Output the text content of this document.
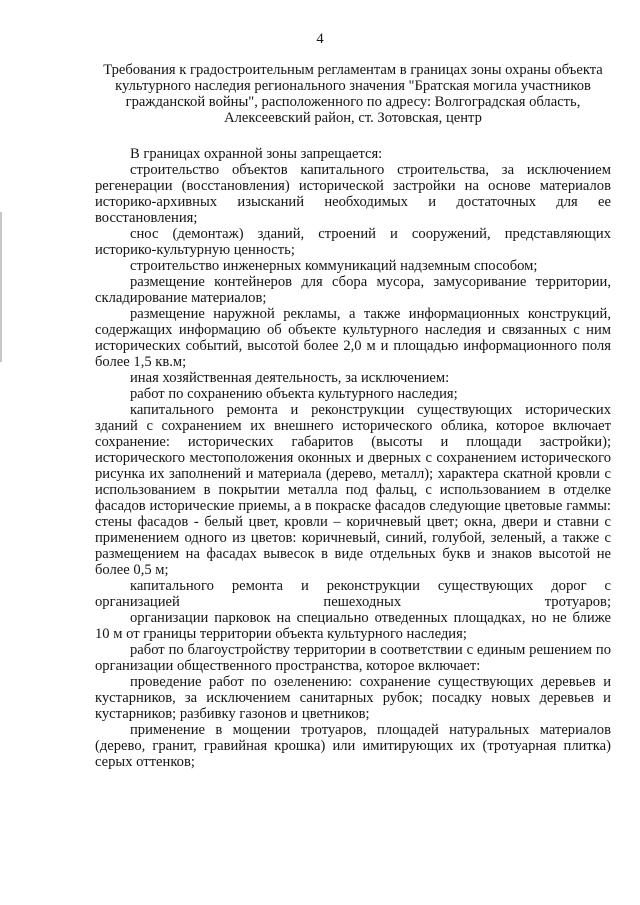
4
Требования к градостроительным регламентам в границах зоны охраны объекта культурного наследия регионального значения "Братская могила участников гражданской войны", расположенного по адресу: Волгоградская область, Алексеевский район, ст. Зотовская, центр

В границах охранной зоны запрещается:

строительство объектов капитального строительства, за исключением регенерации (восстановления) исторической застройки на основе материалов историко-архивных изысканий необходимых и достаточных для ее восстановления;

снос (демонтаж) зданий, строений и сооружений, представляющих историко-культурную ценность;

строительство инженерных коммуникаций надземным способом;

размещение контейнеров для сбора мусора, замусоривание территории, складирование материалов;

размещение наружной рекламы, а также информационных конструкций, содержащих информацию об объекте культурного наследия и связанных с ним исторических событий, высотой более 2,0 м и площадью информационного поля более 1,5 кв.м;

иная хозяйственная деятельность, за исключением:

работ по сохранению объекта культурного наследия;

капитального ремонта и реконструкции существующих исторических зданий с сохранением их внешнего исторического облика, которое включает сохранение: исторических габаритов (высоты и площади застройки); исторического местоположения оконных и дверных с сохранением исторического рисунка их заполнений и материала (дерево, металл); характера скатной кровли с использованием в покрытии металла под фальц, с использованием в отделке фасадов исторические приемы, а в покраске фасадов следующие цветовые гаммы: стены фасадов - белый цвет, кровли – коричневый цвет; окна, двери и ставни с применением одного из цветов: коричневый, синий, голубой, зеленый, а также с размещением на фасадах вывесок в виде отдельных букв и знаков высотой не более 0,5 м;

капитального ремонта и реконструкции существующих дорог с организацией пешеходных тротуаров;

организации парковок на специально отведенных площадках, но не ближе 10 м от границы территории объекта культурного наследия;

работ по благоустройству территории в соответствии с единым решением по организации общественного пространства, которое включает:

проведение работ по озеленению: сохранение существующих деревьев и кустарников, за исключением санитарных рубок; посадку новых деревьев и кустарников; разбивку газонов и цветников;

применение в мощении тротуаров, площадей натуральных материалов (дерево, гранит, гравийная крошка) или имитирующих их (тротуарная плитка) серых оттенков;
